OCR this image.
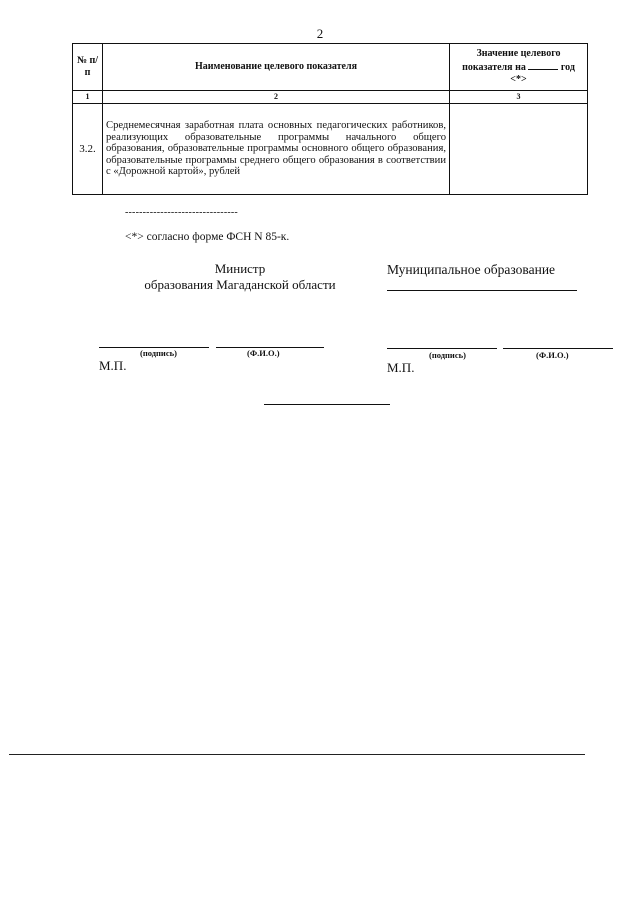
2
№ п/п	Наименование целевого показателя	Значение целевого показателя на год
<*>
1	2	3
3.2.	Среднемесячная заработная плата основных педагогических работников, реализующих образовательные программы начального общего образования, образовательные программы основного общего образования, образовательные программы среднего общего образования в соответствии с «Дорожной картой», рублей	
--------------------------------
<*> согласно форме ФСН N 85-к.
Министр
образования Магаданской области
Муниципальное образование
(подпись)	(Ф.И.О.)
М.П.
(подпись)	(Ф.И.О.)
М.П.
